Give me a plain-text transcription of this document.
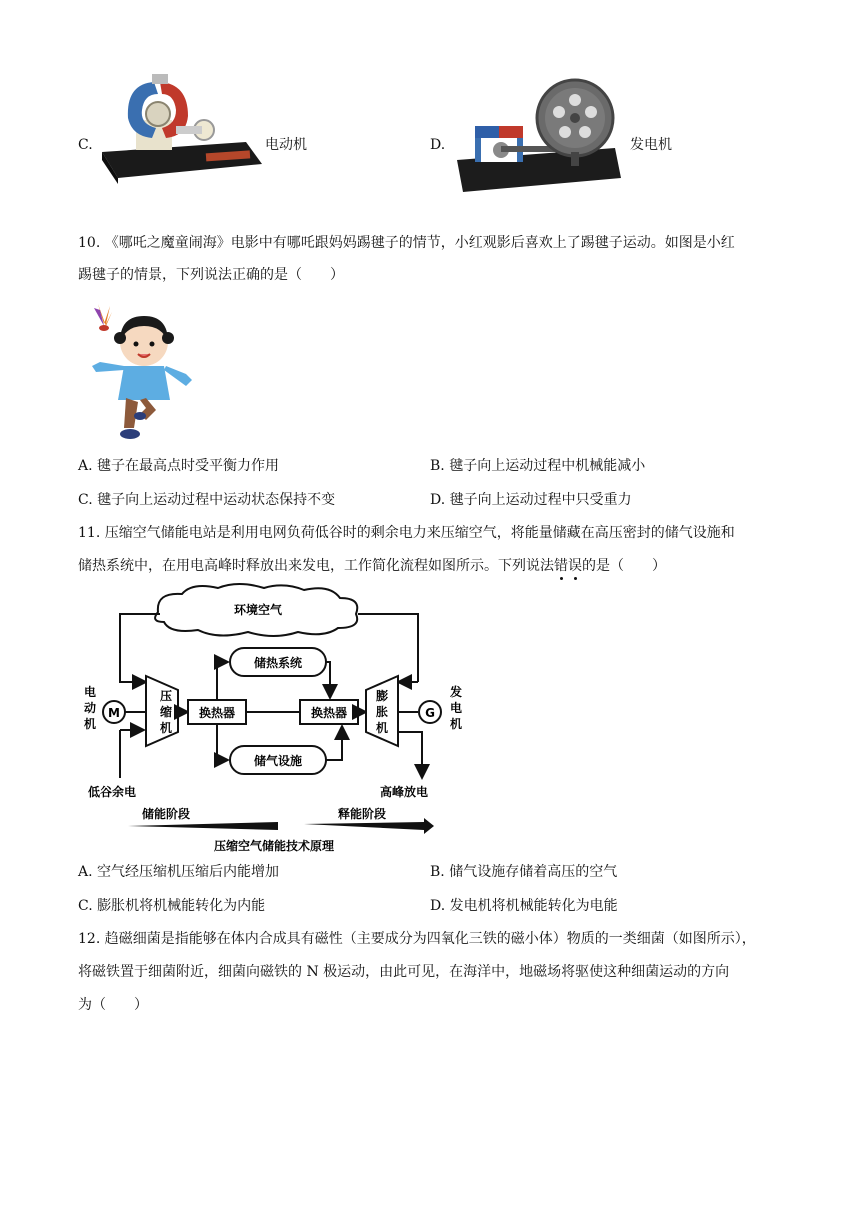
C.	电动机	D.	发电机
10. 《哪吒之魔童闹海》电影中有哪吒跟妈妈踢毽子的情节，小红观影后喜欢上了踢毽子运动。如图是小红
踢毽子的情景，下列说法正确的是（　　）
A. 毽子在最高点时受平衡力作用	B. 毽子向上运动过程中机械能减小
C. 毽子向上运动过程中运动状态保持不变	D. 毽子向上运动过程中只受重力
11. 压缩空气储能电站是利用电网负荷低谷时的剩余电力来压缩空气，将能量储藏在高压密封的储气设施和
储热系统中，在用电高峰时释放出来发电，工作简化流程如图所示。下列说法错误的是（　　）
环境空气
电
动
机
M
压
缩
机
低谷余电
换热器
储热系统
储气设施
换热器
膨
胀
机
G
发
电
机
高峰放电
储能阶段	释能阶段
压缩空气储能技术原理
A. 空气经压缩机压缩后内能增加	B. 储气设施存储着高压的空气
C. 膨胀机将机械能转化为内能	D. 发电机将机械能转化为电能
12. 趋磁细菌是指能够在体内合成具有磁性（主要成分为四氧化三铁的磁小体）物质的一类细菌（如图所示），
将磁铁置于细菌附近，细菌向磁铁的 N 极运动，由此可见，在海洋中，地磁场将驱使这种细菌运动的方向
为（　　）
